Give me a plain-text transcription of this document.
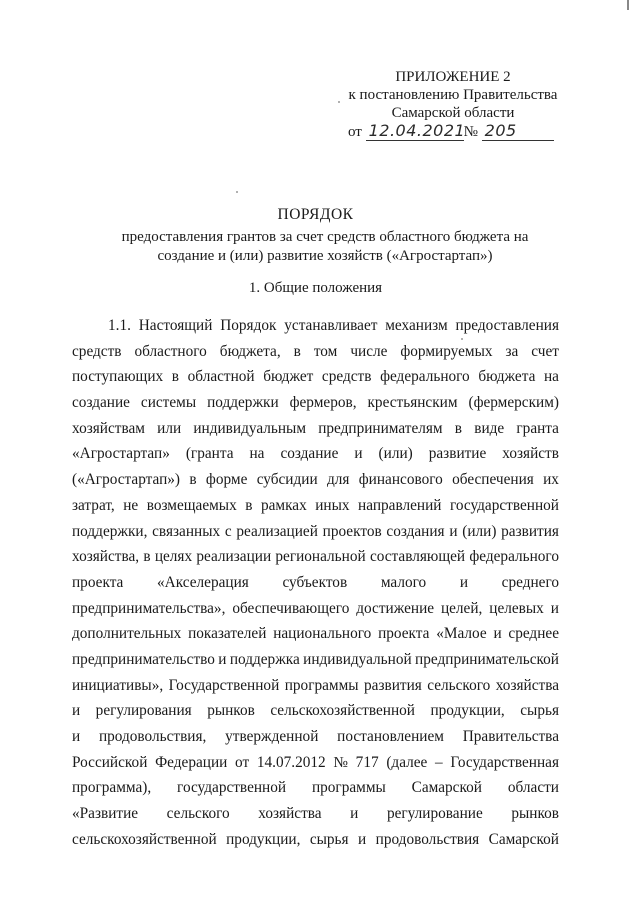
ПРИЛОЖЕНИЕ 2
к постановлению Правительства
Самарской области
от 12.04.2021№ 205
ПОРЯДОК
предоставления грантов за счет средств областного бюджета на
создание и (или) развитие хозяйств («Агростартап»)
1. Общие положения
1.1. Настоящий Порядок устанавливает механизм предоставления
средств областного бюджета, в том числе формируемых за счет
поступающих в областной бюджет средств федерального бюджета на
создание системы поддержки фермеров, крестьянским (фермерским)
хозяйствам или индивидуальным предпринимателям в виде гранта
«Агростартап» (гранта на создание и (или) развитие хозяйств
(«Агростартап») в форме субсидии для финансового обеспечения их
затрат, не возмещаемых в рамках иных направлений государственной
поддержки, связанных с реализацией проектов создания и (или) развития
хозяйства, в целях реализации региональной составляющей федерального
проекта «Акселерация субъектов малого и среднего
предпринимательства», обеспечивающего достижение целей, целевых и
дополнительных показателей национального проекта «Малое и среднее
предпринимательство и поддержка индивидуальной предпринимательской
инициативы», Государственной программы развития сельского хозяйства
и регулирования рынков сельскохозяйственной продукции, сырья
и продовольствия, утвержденной постановлением Правительства
Российской Федерации от 14.07.2012 № 717 (далее – Государственная
программа), государственной программы Самарской области
«Развитие сельского хозяйства и регулирование рынков
сельскохозяйственной продукции, сырья и продовольствия Самарской
